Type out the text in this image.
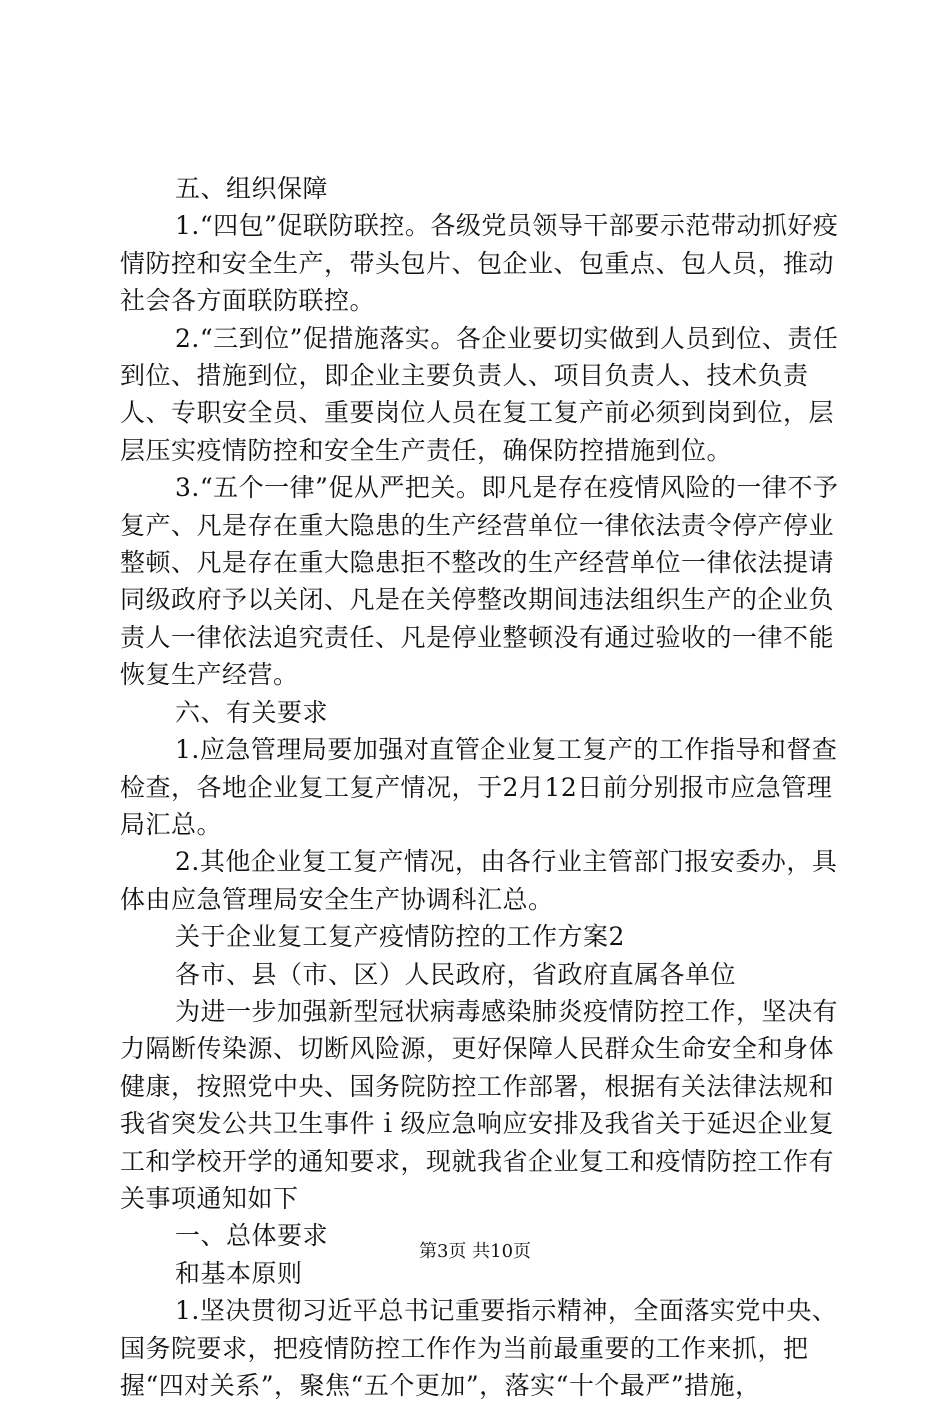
五、组织保障

1.“四包”促联防联控。各级党员领导干部要示范带动抓好疫情防控和安全生产，带头包片、包企业、包重点、包人员，推动社会各方面联防联控。

2.“三到位”促措施落实。各企业要切实做到人员到位、责任到位、措施到位，即企业主要负责人、项目负责人、技术负责人、专职安全员、重要岗位人员在复工复产前必须到岗到位，层层压实疫情防控和安全生产责任，确保防控措施到位。

3.“五个一律”促从严把关。即凡是存在疫情风险的一律不予复产、凡是存在重大隐患的生产经营单位一律依法责令停产停业整顿、凡是存在重大隐患拒不整改的生产经营单位一律依法提请同级政府予以关闭、凡是在关停整改期间违法组织生产的企业负责人一律依法追究责任、凡是停业整顿没有通过验收的一律不能恢复生产经营。

六、有关要求

1.应急管理局要加强对直管企业复工复产的工作指导和督查检查，各地企业复工复产情况，于2月12日前分别报市应急管理局汇总。

2.其他企业复工复产情况，由各行业主管部门报安委办，具体由应急管理局安全生产协调科汇总。

关于企业复工复产疫情防控的工作方案2

各市、县（市、区）人民政府，省政府直属各单位

为进一步加强新型冠状病毒感染肺炎疫情防控工作，坚决有力隔断传染源、切断风险源，更好保障人民群众生命安全和身体健康，按照党中央、国务院防控工作部署，根据有关法律法规和我省突发公共卫生事件ｉ级应急响应安排及我省关于延迟企业复工和学校开学的通知要求，现就我省企业复工和疫情防控工作有关事项通知如下

一、总体要求

和基本原则

1.坚决贯彻习近平总书记重要指示精神，全面落实党中央、国务院要求，把疫情防控工作作为当前最重要的工作来抓，把握“四对关系”，聚焦“五个更加”，落实“十个最严”措施，

第3页 共10页
